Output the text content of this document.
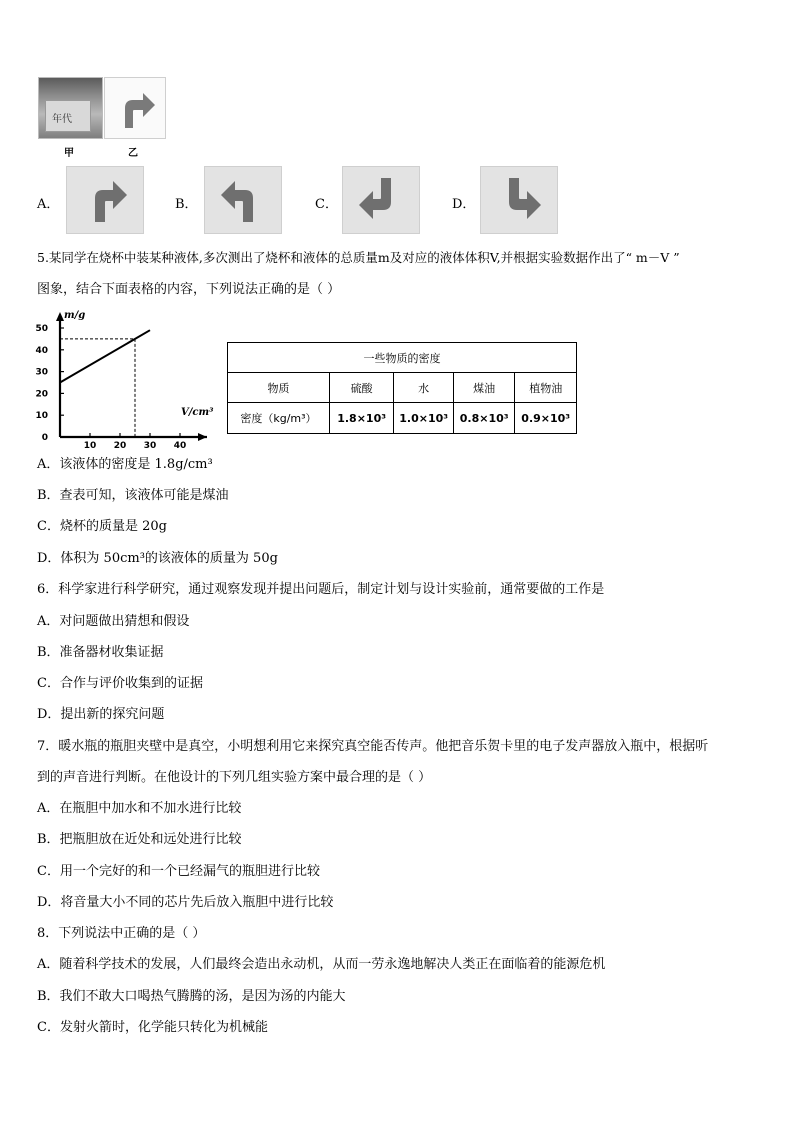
年代
甲	乙
A．	B．	C．	D．
5.某同学在烧杯中装某种液体,多次测出了烧杯和液体的总质量m及对应的液体体积V,并根据实验数据作出了“ m－V ”
图象，结合下面表格的内容，下列说法正确的是（ ）
10 20 30 40
0
10
20
30
40
50
m/g
V/cm³
一些物质的密度				
物质	硫酸	水	煤油	植物油
密度（kg/m³）	1.8×10³	1.0×10³	0.8×10³	0.9×10³
A．该液体的密度是 1.8g/cm³
B．查表可知，该液体可能是煤油
C．烧杯的质量是 20g
D．体积为 50cm³的该液体的质量为 50g
6．科学家进行科学研究，通过观察发现并提出问题后，制定计划与设计实验前，通常要做的工作是
A．对问题做出猜想和假设
B．准备器材收集证据
C．合作与评价收集到的证据
D．提出新的探究问题
7．暖水瓶的瓶胆夹壁中是真空，小明想利用它来探究真空能否传声。他把音乐贺卡里的电子发声器放入瓶中，根据听
到的声音进行判断。在他设计的下列几组实验方案中最合理的是（ ）
A．在瓶胆中加水和不加水进行比较
B．把瓶胆放在近处和远处进行比较
C．用一个完好的和一个已经漏气的瓶胆进行比较
D．将音量大小不同的芯片先后放入瓶胆中进行比较
8．下列说法中正确的是（ ）
A．随着科学技术的发展，人们最终会造出永动机，从而一劳永逸地解决人类正在面临着的能源危机
B．我们不敢大口喝热气腾腾的汤，是因为汤的内能大
C．发射火箭时，化学能只转化为机械能
